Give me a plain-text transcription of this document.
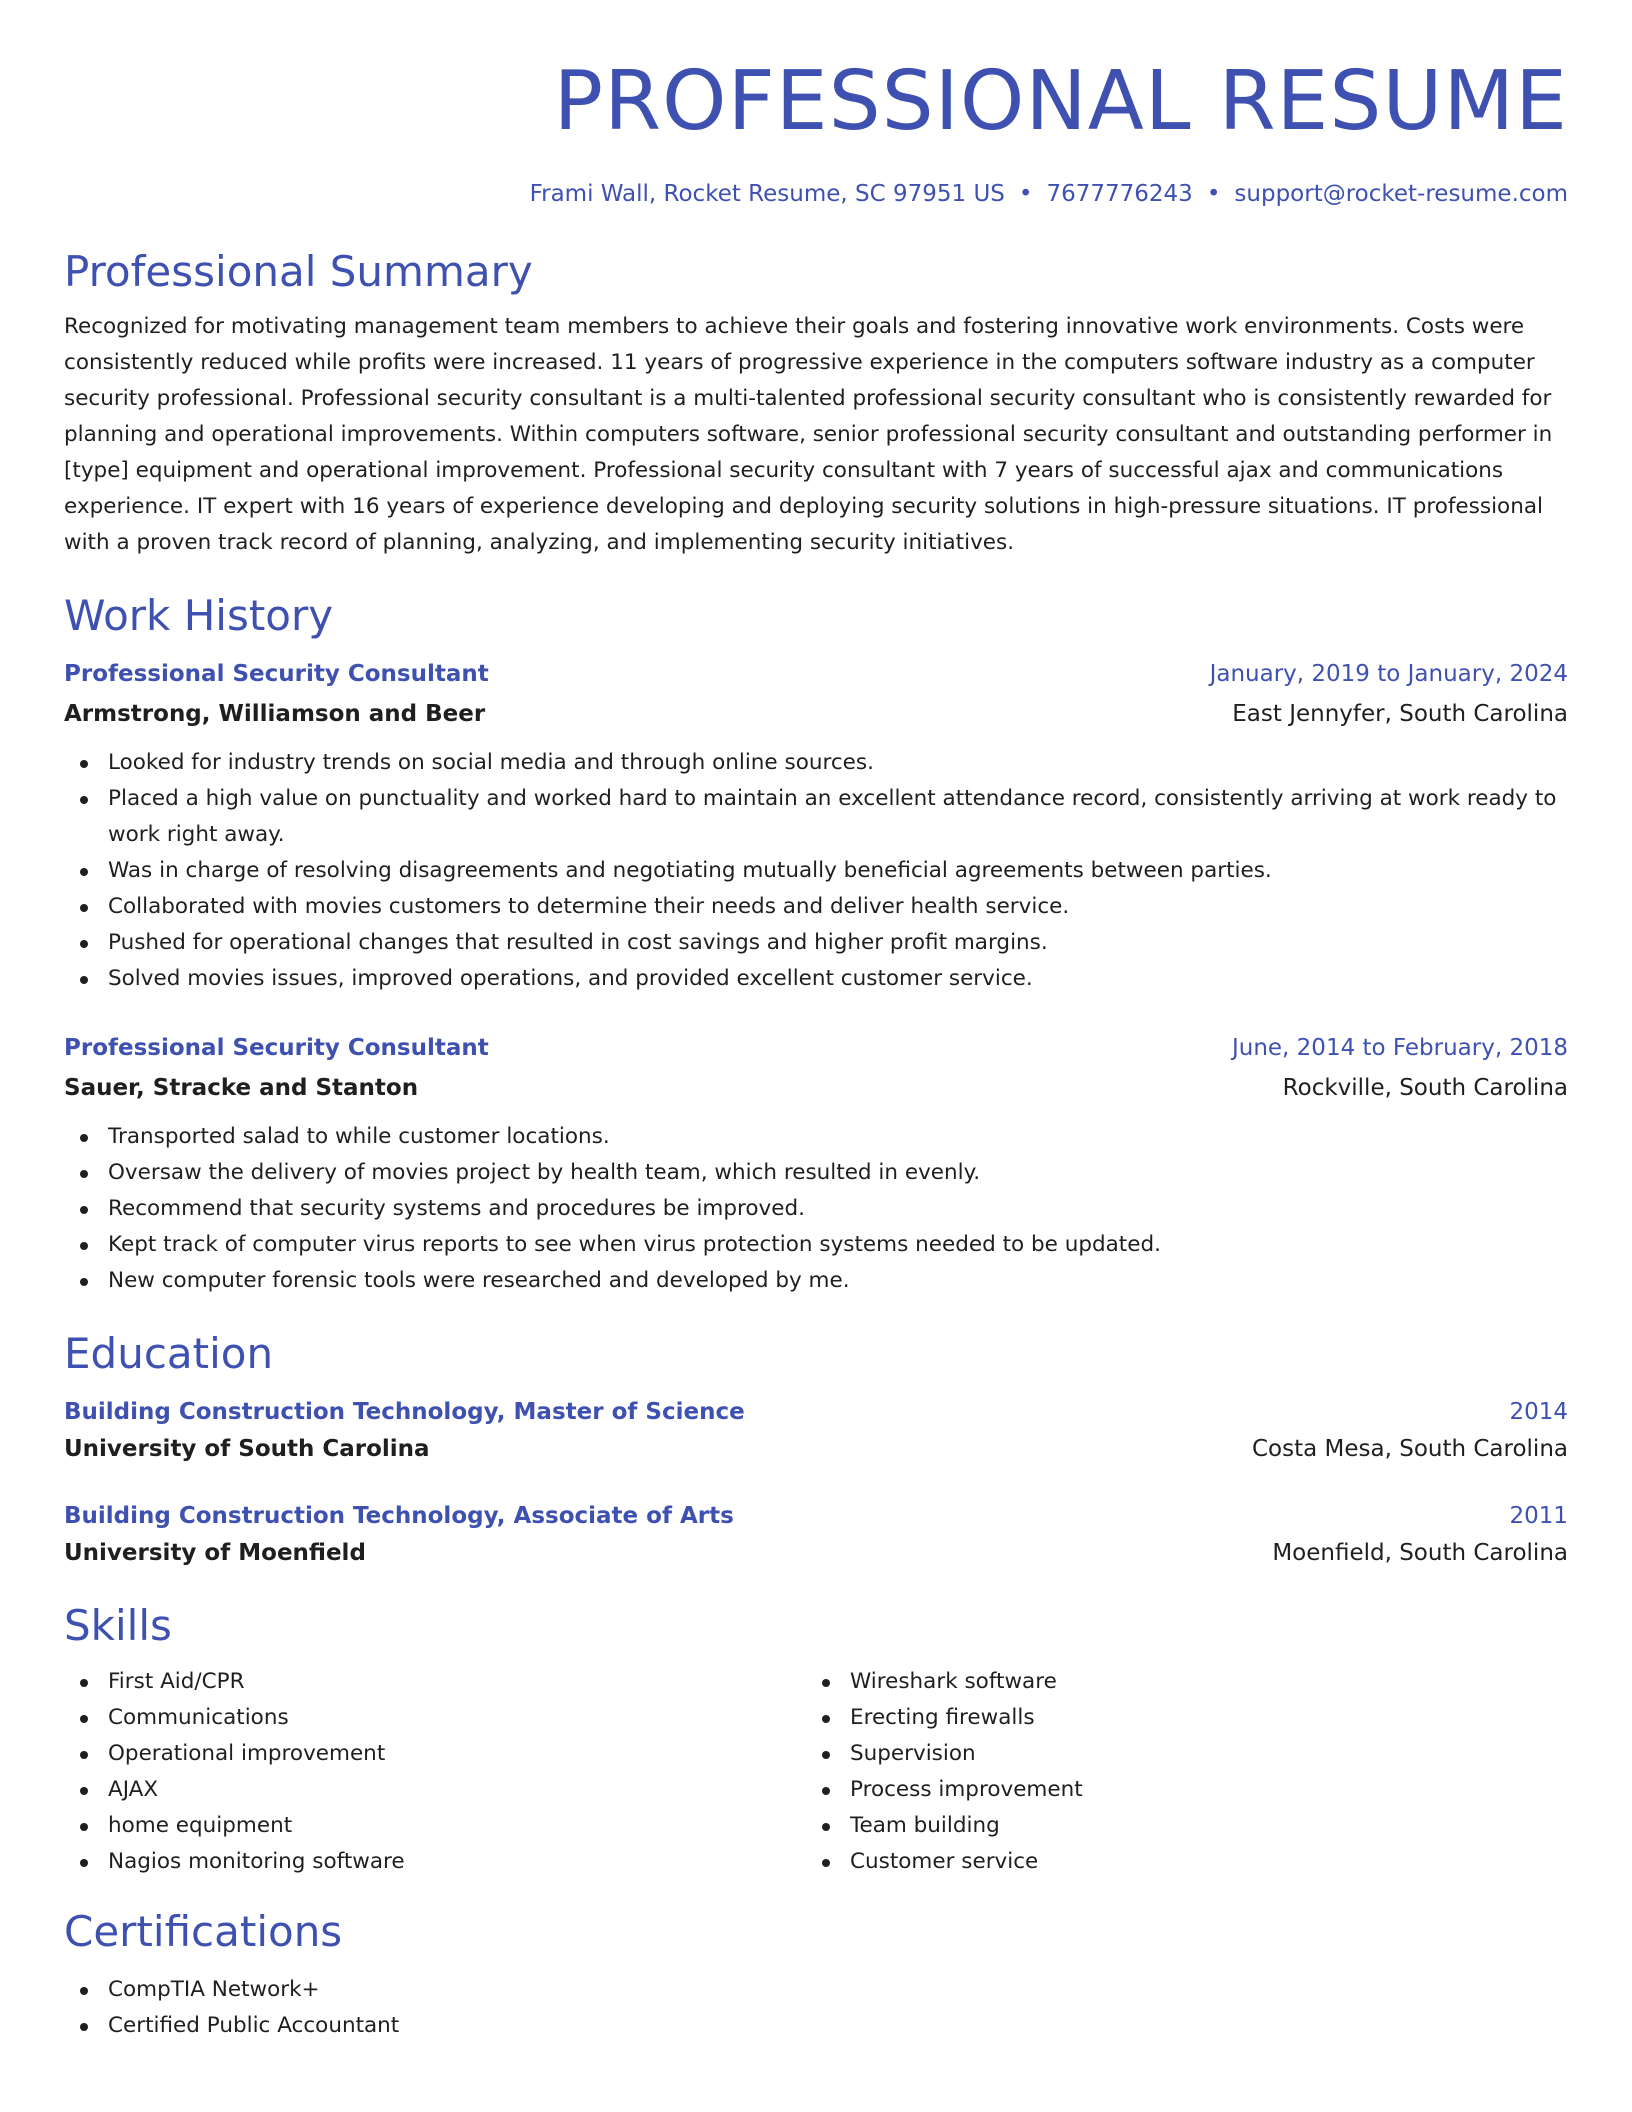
PROFESSIONAL RESUME
Frami Wall, Rocket Resume, SC 97951 US • 7677776243 • support@rocket-resume.com
Professional Summary
Recognized for motivating management team members to achieve their goals and fostering innovative work environments. Costs were consistently reduced while profits were increased. 11 years of progressive experience in the computers software industry as a computer security professional. Professional security consultant is a multi-talented professional security consultant who is consistently rewarded for planning and operational improvements. Within computers software, senior professional security consultant and outstanding performer in [type] equipment and operational improvement. Professional security consultant with 7 years of successful ajax and communications experience. IT expert with 16 years of experience developing and deploying security solutions in high-pressure situations. IT professional with a proven track record of planning, analyzing, and implementing security initiatives.
Work History
Professional Security Consultant	January, 2019 to January, 2024
Armstrong, Williamson and Beer	East Jennyfer, South Carolina
Looked for industry trends on social media and through online sources.
Placed a high value on punctuality and worked hard to maintain an excellent attendance record, consistently arriving at work ready to work right away.
Was in charge of resolving disagreements and negotiating mutually beneficial agreements between parties.
Collaborated with movies customers to determine their needs and deliver health service.
Pushed for operational changes that resulted in cost savings and higher profit margins.
Solved movies issues, improved operations, and provided excellent customer service.
Professional Security Consultant	June, 2014 to February, 2018
Sauer, Stracke and Stanton	Rockville, South Carolina
Transported salad to while customer locations.
Oversaw the delivery of movies project by health team, which resulted in evenly.
Recommend that security systems and procedures be improved.
Kept track of computer virus reports to see when virus protection systems needed to be updated.
New computer forensic tools were researched and developed by me.
Education
Building Construction Technology, Master of Science	2014
University of South Carolina	Costa Mesa, South Carolina
Building Construction Technology, Associate of Arts	2011
University of Moenfield	Moenfield, South Carolina
Skills
First Aid/CPR
Communications
Operational improvement
AJAX
home equipment
Nagios monitoring software
Wireshark software
Erecting firewalls
Supervision
Process improvement
Team building
Customer service
Certifications
CompTIA Network+
Certified Public Accountant
